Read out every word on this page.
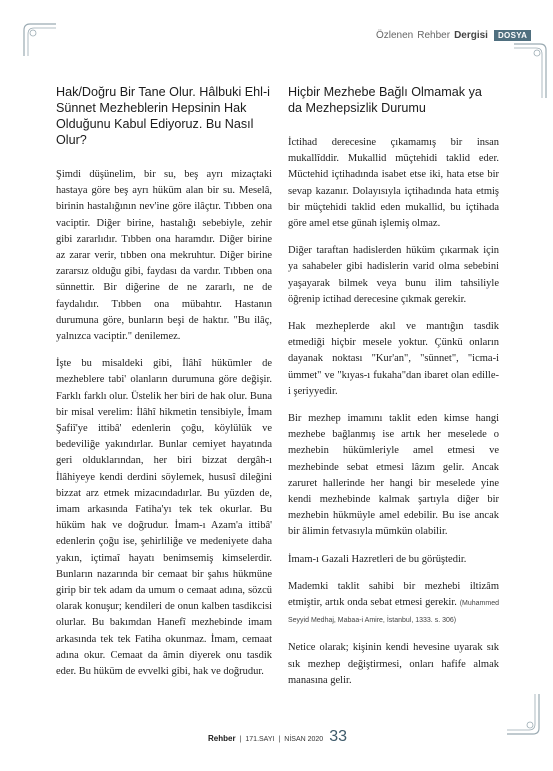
Özlenen Rehber Dergisi	DOSYA
Hak/Doğru Bir Tane Olur. Hâlbuki Ehl-i Sünnet Mezheblerin Hepsinin Hak Olduğunu Kabul Ediyoruz. Bu Nasıl Olur?

Şimdi düşünelim, bir su, beş ayrı mizaçtaki hastaya göre beş ayrı hüküm alan bir su. Meselâ, birinin hastalığının nev'ine göre ilâçtır. Tıbben ona vaciptir. Diğer birine, hastalığı sebebiyle, zehir gibi zararlıdır. Tıbben ona haramdır. Diğer birine az zarar verir, tıbben ona mekruhtur. Diğer birine zararsız olduğu gibi, faydası da vardır. Tıbben ona sünnettir. Bir diğerine de ne zararlı, ne de faydalıdır. Tıbben ona mübahtır. Hastanın durumuna göre, bunların beşi de haktır. "Bu ilâç, yalnızca vaciptir." denilemez.

İşte bu misaldeki gibi, İlâhî hükümler de mezheblere tabi' olanların durumuna göre değişir. Farklı farklı olur. Üstelik her biri de hak olur. Buna bir misal verelim: İlâhî hikmetin tensibiyle, İmam Şafiî'ye ittibâ' edenlerin çoğu, köylülük ve bedeviliğe yakındırlar. Bunlar cemiyet hayatında geri olduklarından, her biri bizzat dergâh-ı İlâhiyeye kendi derdini söylemek, hususî dileğini bizzat arz etmek mizacındadırlar. Bu yüzden de, imam arkasında Fatiha'yı tek tek okurlar. Bu hüküm hak ve doğrudur. İmam-ı Azam'a ittibâ' edenlerin çoğu ise, şehirliliğe ve medeniyete daha yakın, içtimaî hayatı benimsemiş kimselerdir. Bunların nazarında bir cemaat bir şahıs hükmüne girip bir tek adam da umum o cemaat adına, sözcü olarak konuşur; kendileri de onun kalben tasdikcisi olurlar. Bu bakımdan Hanefî mezhebinde imam arkasında tek tek Fatiha okunmaz. İmam, cemaat adına okur. Cemaat da âmin diyerek onu tasdik eder. Bu hüküm de evvelki gibi, hak ve doğrudur.

Hiçbir Mezhebe Bağlı Olmamak ya da Mezhepsizlik Durumu

İctihad derecesine çıkamamış bir insan mukallîddir. Mukallid müçtehidi taklid eder. Müctehid içtihadında isabet etse iki, hata etse bir sevap kazanır. Dolayısıyla içtihadında hata etmiş bir müçtehidi taklid eden mukallid, bu içtihada göre amel etse günah işlemiş olmaz.

Diğer taraftan hadislerden hüküm çıkarmak için ya sahabeler gibi hadislerin varid olma sebebini yaşayarak bilmek veya bunu ilim tahsiliyle öğrenip ictihad derecesine çıkmak gerekir.

Hak mezheplerde akıl ve mantığın tasdik etmediği hiçbir mesele yoktur. Çünkü onların dayanak noktası "Kur'an", "sünnet", "icma-i ümmet" ve "kıyas-ı fukaha"dan ibaret olan edille-i şeriyyedir.

Bir mezhep imamını taklit eden kimse hangi mezhebe bağlanmış ise artık her meselede o mezhebin hükümleriyle amel etmesi ve mezhebinde sebat etmesi lâzım gelir. Ancak zaruret hallerinde her hangi bir meselede yine kendi mezhebinde kalmak şartıyla diğer bir mezhebin hükmüyle amel edebilir. Bu ise ancak bir âlimin fetvasıyla mümkün olabilir.

İmam-ı Gazali Hazretleri de bu görüştedir.

Mademki taklit sahibi bir mezhebi iltizâm etmiştir, artık onda sebat etmesi gerekir. (Muhammed Seyyid Medhaj, Mabaa-i Amire, İstanbul, 1333. s. 306)

Netice olarak; kişinin kendi hevesine uyarak sık sık mezhep değiştirmesi, onları hafife almak manasına gelir.

Rehber | 171.SAYI | NİSAN 2020 33
